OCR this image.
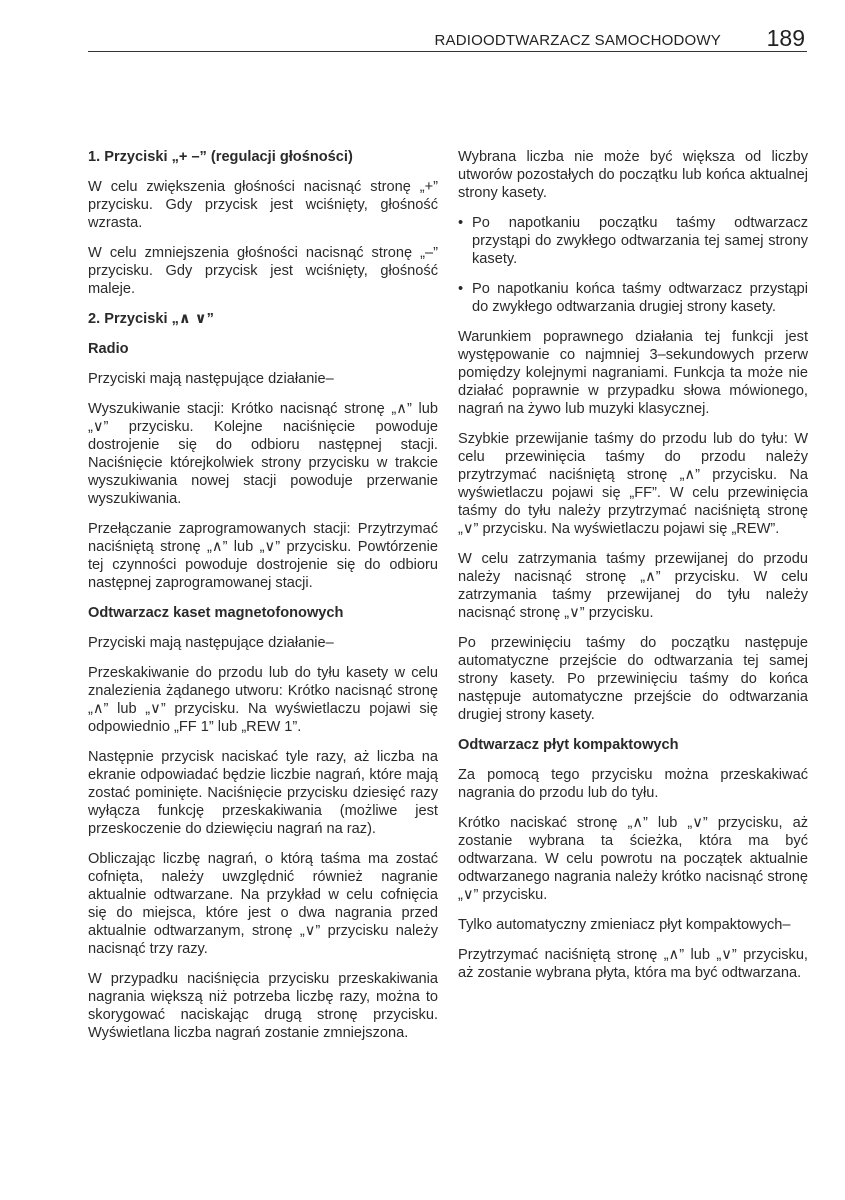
RADIOODTWARZACZ SAMOCHODOWY 189

1. Przyciski „+ –” (regulacji głośności)

W celu zwiększenia głośności nacisnąć stronę „+” przycisku. Gdy przycisk jest wciśnięty, głośność wzrasta.

W celu zmniejszenia głośności nacisnąć stronę „–” przycisku. Gdy przycisk jest wciśnięty, głośność maleje.

2. Przyciski „∧ ∨”

Radio

Przyciski mają następujące działanie–

Wyszukiwanie stacji: Krótko nacisnąć stronę „∧” lub „∨” przycisku. Kolejne naciśnięcie powoduje dostrojenie się do odbioru następnej stacji. Naciśnięcie którejkolwiek strony przycisku w trakcie wyszukiwania nowej stacji powoduje przerwanie wyszukiwania.

Przełączanie zaprogramowanych stacji: Przytrzymać naciśniętą stronę „∧” lub „∨” przycisku. Powtórzenie tej czynności powoduje dostrojenie się do odbioru następnej zaprogramowanej stacji.

Odtwarzacz kaset magnetofonowych

Przyciski mają następujące działanie–

Przeskakiwanie do przodu lub do tyłu kasety w celu znalezienia żądanego utworu: Krótko nacisnąć stronę „∧” lub „∨” przycisku. Na wyświetlaczu pojawi się odpowiednio „FF 1” lub „REW 1”.

Następnie przycisk naciskać tyle razy, aż liczba na ekranie odpowiadać będzie liczbie nagrań, które mają zostać pominięte. Naciśnięcie przycisku dziesięć razy wyłącza funkcję przeskakiwania (możliwe jest przeskoczenie do dziewięciu nagrań na raz).

Obliczając liczbę nagrań, o którą taśma ma zostać cofnięta, należy uwzględnić również nagranie aktualnie odtwarzane. Na przykład w celu cofnięcia się do miejsca, które jest o dwa nagrania przed aktualnie odtwarzanym, stronę „∨” przycisku należy nacisnąć trzy razy.

W przypadku naciśnięcia przycisku przeskakiwania nagrania większą niż potrzeba liczbę razy, można to skorygować naciskając drugą stronę przycisku. Wyświetlana liczba nagrań zostanie zmniejszona.

Wybrana liczba nie może być większa od liczby utworów pozostałych do początku lub końca aktualnej strony kasety.

• Po napotkaniu początku taśmy odtwarzacz przystąpi do zwykłego odtwarzania tej samej strony kasety.
• Po napotkaniu końca taśmy odtwarzacz przystąpi do zwykłego odtwarzania drugiej strony kasety.

Warunkiem poprawnego działania tej funkcji jest występowanie co najmniej 3–sekundowych przerw pomiędzy kolejnymi nagraniami. Funkcja ta może nie działać poprawnie w przypadku słowa mówionego, nagrań na żywo lub muzyki klasycznej.

Szybkie przewijanie taśmy do przodu lub do tyłu: W celu przewinięcia taśmy do przodu należy przytrzymać naciśniętą stronę „∧” przycisku. Na wyświetlaczu pojawi się „FF”. W celu przewinięcia taśmy do tyłu należy przytrzymać naciśniętą stronę „∨” przycisku. Na wyświetlaczu pojawi się „REW”.

W celu zatrzymania taśmy przewijanej do przodu należy nacisnąć stronę „∧” przycisku. W celu zatrzymania taśmy przewijanej do tyłu należy nacisnąć stronę „∨” przycisku.

Po przewinięciu taśmy do początku następuje automatyczne przejście do odtwarzania tej samej strony kasety. Po przewinięciu taśmy do końca następuje automatyczne przejście do odtwarzania drugiej strony kasety.

Odtwarzacz płyt kompaktowych

Za pomocą tego przycisku można przeskakiwać nagrania do przodu lub do tyłu.

Krótko naciskać stronę „∧” lub „∨” przycisku, aż zostanie wybrana ta ścieżka, która ma być odtwarzana. W celu powrotu na początek aktualnie odtwarzanego nagrania należy krótko nacisnąć stronę „∨” przycisku.

Tylko automatyczny zmieniacz płyt kompaktowych–

Przytrzymać naciśniętą stronę „∧” lub „∨” przycisku, aż zostanie wybrana płyta, która ma być odtwarzana.
